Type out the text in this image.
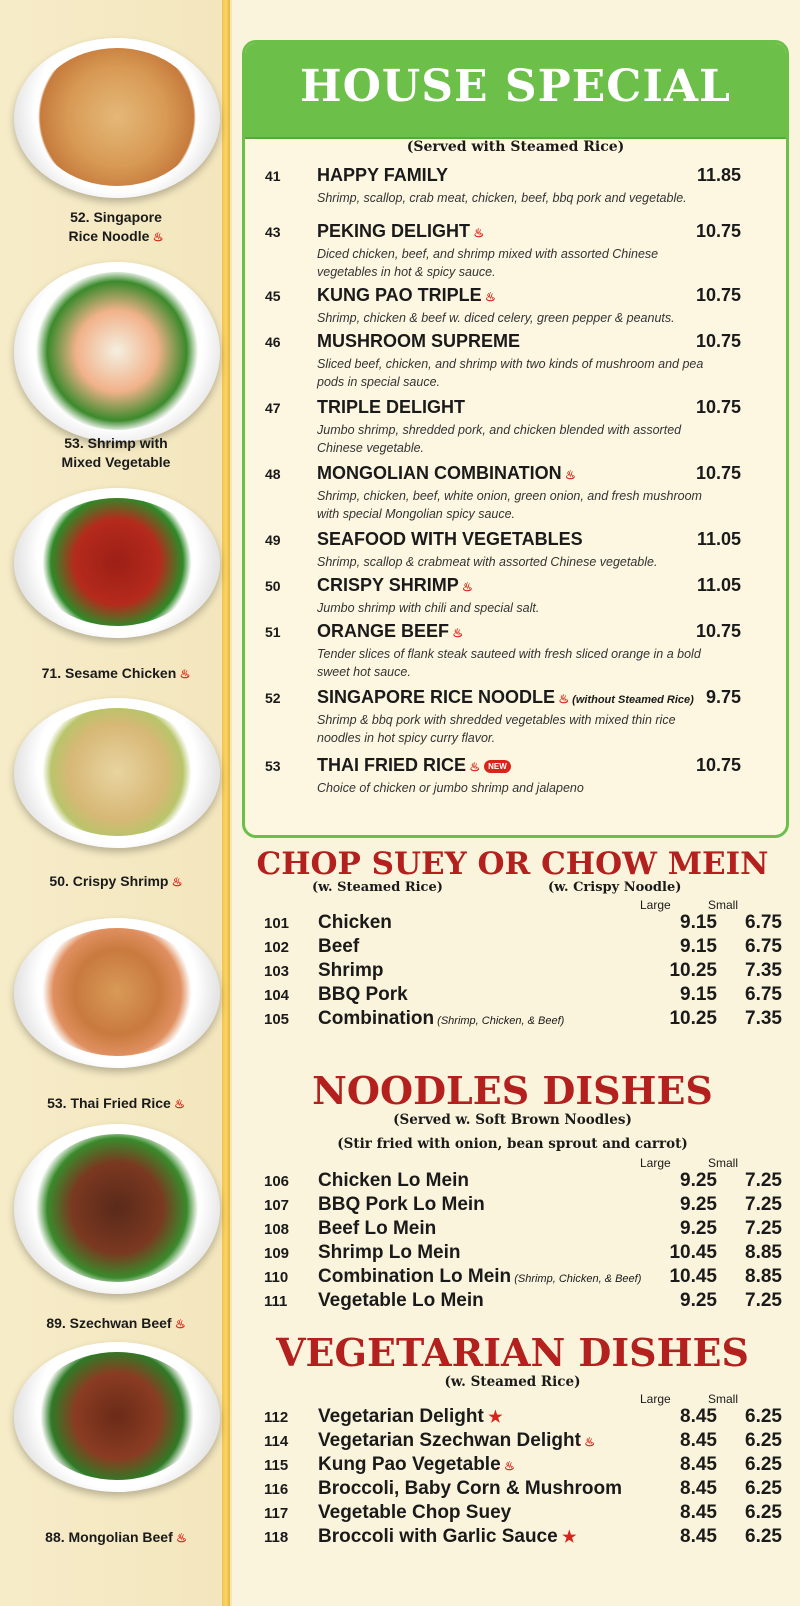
52. Singapore
Rice Noodle ♨
53. Shrimp with
Mixed Vegetable
71. Sesame Chicken ♨
50. Crispy Shrimp ♨
53. Thai Fried Rice ♨
89. Szechwan Beef ♨
88. Mongolian Beef ♨
HOUSE SPECIAL
(Served with Steamed Rice)
41 HAPPY FAMILY	11.85
Shrimp, scallop, crab meat, chicken, beef, bbq pork and vegetable.
43 PEKING DELIGHT ♨	10.75
Diced chicken, beef, and shrimp mixed with assorted Chinese vegetables in hot & spicy sauce.
45 KUNG PAO TRIPLE ♨	10.75
Shrimp, chicken & beef w. diced celery, green pepper & peanuts.
46 MUSHROOM SUPREME	10.75
Sliced beef, chicken, and shrimp with two kinds of mushroom and pea pods in special sauce.
47 TRIPLE DELIGHT	10.75
Jumbo shrimp, shredded pork, and chicken blended with assorted Chinese vegetable.
48 MONGOLIAN COMBINATION ♨	10.75
Shrimp, chicken, beef, white onion, green onion, and fresh mushroom with special Mongolian spicy sauce.
49 SEAFOOD WITH VEGETABLES	11.05
Shrimp, scallop & crabmeat with assorted Chinese vegetable.
50 CRISPY SHRIMP ♨	11.05
Jumbo shrimp with chili and special salt.
51 ORANGE BEEF ♨	10.75
Tender slices of flank steak sauteed with fresh sliced orange in a bold sweet hot sauce.
52 SINGAPORE RICE NOODLE ♨ (without Steamed Rice) 9.75
Shrimp & bbq pork with shredded vegetables with mixed thin rice noodles in hot spicy curry flavor.
53 THAI FRIED RICE ♨ NEW	10.75
Choice of chicken or jumbo shrimp and jalapeno
CHOP SUEY OR CHOW MEIN
(w. Steamed Rice)	(w. Crispy Noodle)
Large	Small
101 Chicken	9.15 6.75
102 Beef	9.15 6.75
103 Shrimp	10.25 7.35
104 BBQ Pork	9.15 6.75
105 Combination (Shrimp, Chicken, & Beef)	10.25 7.35
NOODLES DISHES
(Served w. Soft Brown Noodles)
(Stir fried with onion, bean sprout and carrot)
Large	Small
106 Chicken Lo Mein	9.25 7.25
107 BBQ Pork Lo Mein	9.25 7.25
108 Beef Lo Mein	9.25 7.25
109 Shrimp Lo Mein	10.45 8.85
110 Combination Lo Mein (Shrimp, Chicken, & Beef) 10.45 8.85
111 Vegetable Lo Mein	9.25 7.25
VEGETARIAN DISHES
(w. Steamed Rice)
Large	Small
112 Vegetarian Delight ★	8.45 6.25
114 Vegetarian Szechwan Delight ♨	8.45 6.25
115 Kung Pao Vegetable ♨	8.45 6.25
116 Broccoli, Baby Corn & Mushroom	8.45 6.25
117 Vegetable Chop Suey	8.45 6.25
118 Broccoli with Garlic Sauce ★	8.45 6.25
